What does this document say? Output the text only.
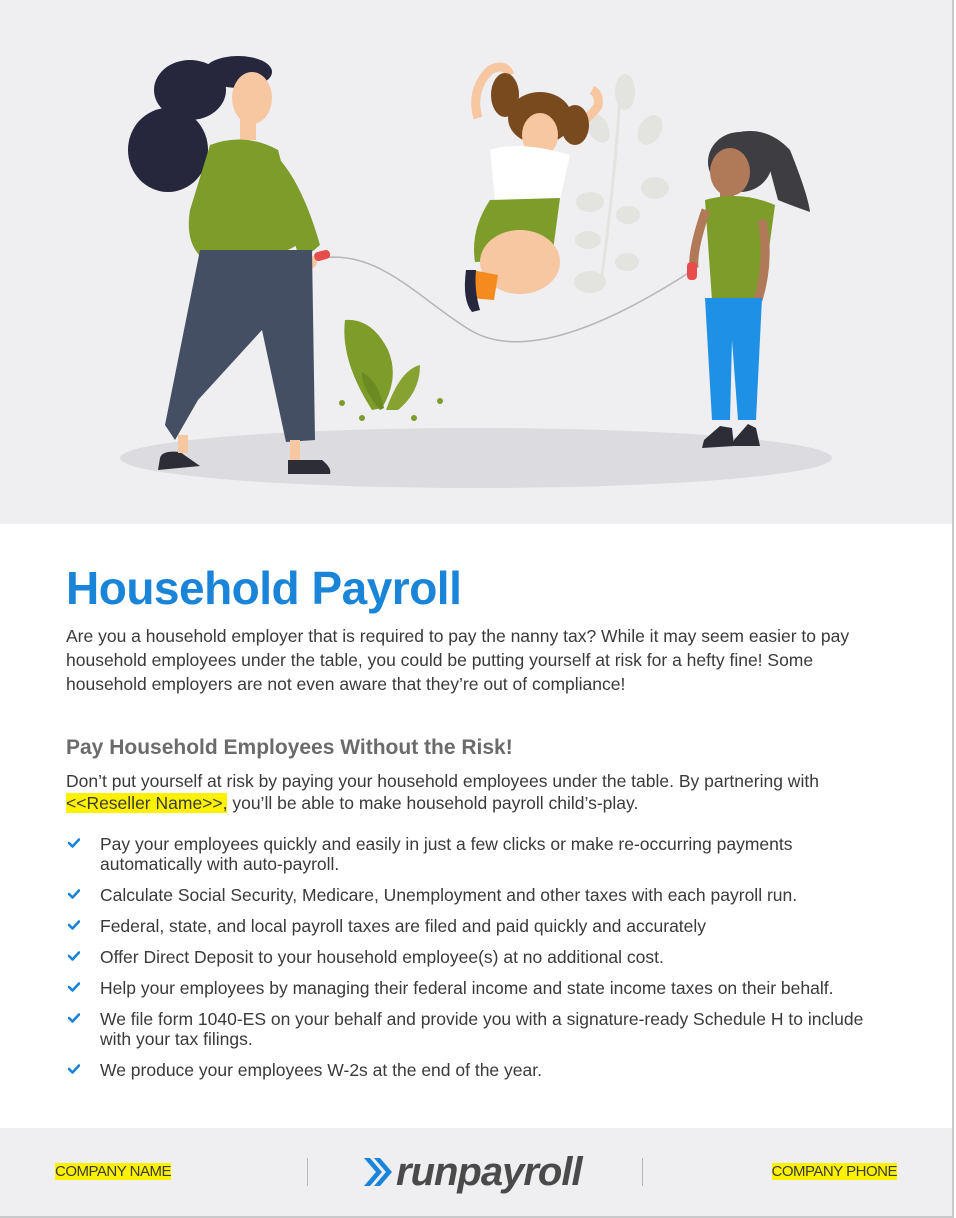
Household Payroll

Are you a household employer that is required to pay the nanny tax? While it may seem easier to pay household employees under the table, you could be putting yourself at risk for a hefty fine! Some household employers are not even aware that they’re out of compliance!

Pay Household Employees Without the Risk!

Don’t put yourself at risk by paying your household employees under the table. By partnering with <<Reseller Name>>, you’ll be able to make household payroll child’s-play.

Pay your employees quickly and easily in just a few clicks or make re-occurring payments automatically with auto-payroll.
Calculate Social Security, Medicare, Unemployment and other taxes with each payroll run.
Federal, state, and local payroll taxes are filed and paid quickly and accurately
Offer Direct Deposit to your household employee(s) at no additional cost.
Help your employees by managing their federal income and state income taxes on their behalf.
We file form 1040-ES on your behalf and provide you with a signature-ready Schedule H to include with your tax filings.
We produce your employees W-2s at the end of the year.
COMPANY NAME	runpayroll	COMPANY PHONE
